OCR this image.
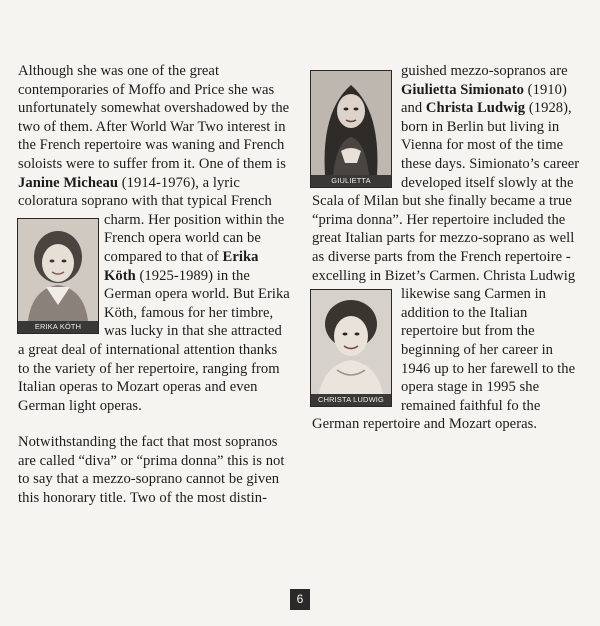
Although she was one of the great contemporaries of Moffo and Price she was unfortunately somewhat overshadowed by the two of them. After World War Two interest in the French repertoire was waning and French soloists were to suffer from it. One of them is Janine Micheau (1914-1976), a lyric coloratura soprano with that typical French charm. Her position within the French opera world can be compared to that of Erika Köth (1925-1989) in the German opera world. But Erika Köth, famous for her timbre, was lucky in that she attracted a great deal of international attention thanks to the variety of her repertoire, ranging from Italian operas to Mozart operas and even German light operas.

Notwithstanding the fact that most sopranos are called “diva” or “prima donna” this is not to say that a mezzo-soprano cannot be given this honorary title. Two of the most distin-

guished mezzo-sopranos are Giulietta Simionato (1910) and Christa Ludwig (1928), born in Berlin but living in Vienna for most of the time these days. Simionato’s career developed itself slowly at the Scala of Milan but she finally became a true “prima donna”. Her repertoire included the great Italian parts for mezzo-soprano as well as diverse parts from the French repertoire - excelling in Bizet’s Carmen. Christa Ludwig likewise sang Carmen in addition to the Italian repertoire but from the beginning of her career in 1946 up to her farewell to the opera stage in 1995 she remained faithful fo the German repertoire and Mozart operas.

ERIKA KÖTH
GIULIETTA
CHRISTA LUDWIG
6
